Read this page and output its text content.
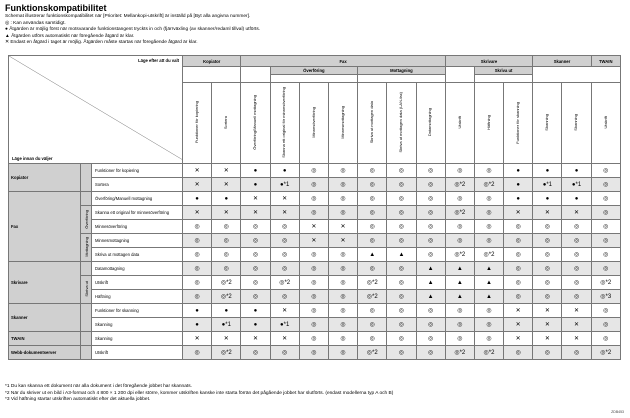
Funktionskompatibilitet
Schemat illustrerar funktionskompatibilitet när [Prioritet: Mellankopi-utskrift] är inställd på [Byt alla angivna nummer].
◎ : Kan användas samtidigt.
● Åtgärden är möjlig först när motsvarande funktionstangent tryckts in och (fjärrväxling (av skanner/redaml tillval) utförts.
▲ Åtgärden utförs automatiskt när föregående åtgärd är klar.
✕ Endast en åtgärd i taget är möjlig. Åtgärden måste startas när föregående åtgärd är klar.
Läge efter att du valt
Läge innan du väljer			Kopiator		Fax							Skrivare			Skanner		TWAIN	
						Överföring			Mottagning				Skriva ut					

			Funktioner för kopiering	Sortera	Överföring/Manuell mottagning	Skanna ett original för minnesöverföring	Minnesöverföring	Minnesmottagning	Skriva ut mottagen data	Skriva ut mottagen data (LAN-fax)	Datamottagning	Utskrift	Häftning	Funktioner för skanning	Skanning	Skanning	Utskrift	
Kopiator		Funktioner för kopiering	✕	✕	●	●	◎	◎	◎	◎	◎	◎	◎	●	●	●	◎	
		Sortera	✕	✕	●	●*1	◎	◎	◎	◎	◎	◎*2	◎*2	●	●*1	●*1	◎	
Fax		Överföring/Manuell mottagning	●	●	✕	✕	◎	◎	◎	◎	◎	◎	◎	●	●	●	◎	
	Överföring	Skanna ett original för minnesöverföring	✕	✕	✕	✕	◎	◎	◎	◎	◎	◎*2	◎	✕	✕	✕	◎	
		Minnesöverföring	◎	◎	◎	◎	✕	✕	◎	◎	◎	◎	◎	◎	◎	◎	◎	
	Mottagning	Minnesmottagning	◎	◎	◎	◎	✕	✕	◎	◎	◎	◎	◎	◎	◎	◎	◎	
		Skriva ut mottagen data	◎	◎	◎	◎	◎	◎	▲	▲	◎	◎*2	◎*2	◎	◎	◎	◎	
Skrivare		Datamottagning	◎	◎	◎	◎	◎	◎	◎	◎	▲	▲	▲	◎	◎	◎	◎	
	Skriva ut	Utskrift	◎	◎*2	◎	◎*2	◎	◎	◎*2	◎	▲	▲	▲	◎	◎	◎	◎*2	
		Häftning	◎	◎*2	◎	◎	◎	◎	◎*2	◎	▲	▲	▲	◎	◎	◎	◎*3	
Skanner		Funktioner för skanning	●	●	●	✕	◎	◎	◎	◎	◎	◎	◎	✕	✕	✕	◎	
		Skanning	●	●*1	●	●*1	◎	◎	◎	◎	◎	◎	◎	✕	✕	✕	◎	
TWAIN		Skanning	✕	✕	✕	✕	◎	◎	◎	◎	◎	◎	◎	✕	✕	✕	◎	
Webb-dokumentserver		Utskrift	◎	◎*2	◎	◎	◎	◎	◎*2	◎	◎	◎*2	◎*2	◎	◎	◎	◎*2	
*1 Du kan skanna ett dokument när alla dokument i det föregående jobbet har skannats.
*2 När du skriver ut en bild i A3-format och 4 800 × 1 200 dpi eller större, kommer utskriften kanske inte starta förrän det pågående jobbet har slutförts. (endast modellerna typ A och B)
*3 Vid häftning startar utskriften automatiskt efter det aktuella jobbet.
ZDB453
